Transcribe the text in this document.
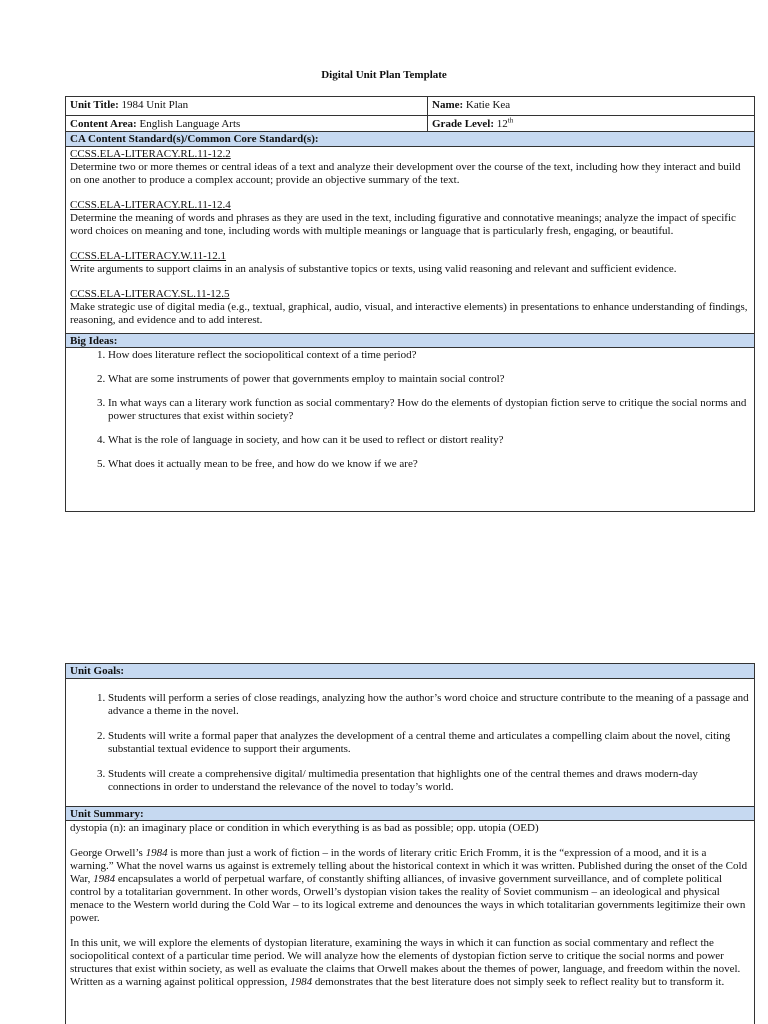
Digital Unit Plan Template
Unit Title: 1984 Unit Plan	Name: Katie Kea
Content Area: English Language Arts	Grade Level: 12th
CA Content Standard(s)/Common Core Standard(s):

CCSS.ELA-LITERACY.RL.11-12.2

Determine two or more themes or central ideas of a text and analyze their development over the course of the text, including how they interact and build on one another to produce a complex account; provide an objective summary of the text.

CCSS.ELA-LITERACY.RL.11-12.4

Determine the meaning of words and phrases as they are used in the text, including figurative and connotative meanings; analyze the impact of specific word choices on meaning and tone, including words with multiple meanings or language that is particularly fresh, engaging, or beautiful.

CCSS.ELA-LITERACY.W.11-12.1

Write arguments to support claims in an analysis of substantive topics or texts, using valid reasoning and relevant and sufficient evidence.

CCSS.ELA-LITERACY.SL.11-12.5

Make strategic use of digital media (e.g., textual, graphical, audio, visual, and interactive elements) in presentations to enhance understanding of findings, reasoning, and evidence and to add interest.

Big Ideas:
1. How does literature reflect the sociopolitical context of a time period?
2. What are some instruments of power that governments employ to maintain social control?
3. In what ways can a literary work function as social commentary? How do the elements of dystopian fiction serve to critique the social norms and power structures that exist within society?
4. What is the role of language in society, and how can it be used to reflect or distort reality?
5. What does it actually mean to be free, and how do we know if we are?
Unit Goals:
1. Students will perform a series of close readings, analyzing how the author’s word choice and structure contribute to the meaning of a passage and advance a theme in the novel.
2. Students will write a formal paper that analyzes the development of a central theme and articulates a compelling claim about the novel, citing substantial textual evidence to support their arguments.
3. Students will create a comprehensive digital/ multimedia presentation that highlights one of the central themes and draws modern-day connections in order to understand the relevance of the novel to today’s world.
Unit Summary:

dystopia (n): an imaginary place or condition in which everything is as bad as possible; opp. utopia (OED)

George Orwell’s 1984 is more than just a work of fiction – in the words of literary critic Erich Fromm, it is the “expression of a mood, and it is a warning.” What the novel warns us against is extremely telling about the historical context in which it was written. Published during the onset of the Cold War, 1984 encapsulates a world of perpetual warfare, of constantly shifting alliances, of invasive government surveillance, and of complete political control by a totalitarian government. In other words, Orwell’s dystopian vision takes the reality of Soviet communism – an ideological and physical menace to the Western world during the Cold War – to its logical extreme and denounces the ways in which totalitarian governments legitimize their own power.

In this unit, we will explore the elements of dystopian literature, examining the ways in which it can function as social commentary and reflect the sociopolitical context of a particular time period. We will analyze how the elements of dystopian fiction serve to critique the social norms and power structures that exist within society, as well as evaluate the claims that Orwell makes about the themes of power, language, and freedom within the novel. Written as a warning against political oppression, 1984 demonstrates that the best literature does not simply seek to reflect reality but to transform it.
